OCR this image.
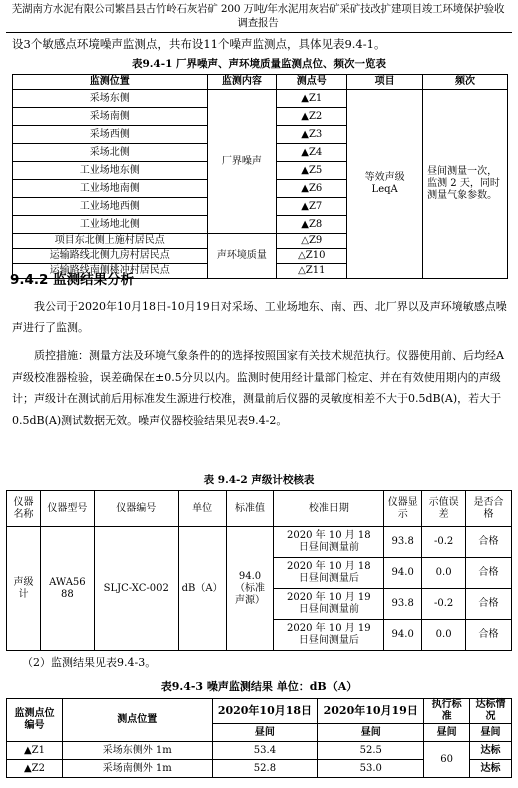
芜湖南方水泥有限公司繁昌县古竹岭石灰岩矿 200 万吨/年水泥用灰岩矿采矿技改扩建项目竣工环境保护验收调查报告
设3个敏感点环境噪声监测点，共布设11个噪声监测点，具体见表9.4-1。
表9.4-1 厂界噪声、声环境质量监测点位、频次一览表
监测位置	监测内容	测点号	项目	频次
采场东侧	厂界噪声	▲Z1	等效声级 LeqA	昼间测量一次，监测 2 天，同时测量气象参数。
采场南侧		▲Z2		
采场西侧		▲Z3		
采场北侧		▲Z4		
工业场地东侧		▲Z5		
工业场地南侧		▲Z6		
工业场地西侧		▲Z7		
工业场地北侧		▲Z8		
项目东北侧上施村居民点	声环境质量	△Z9		
运输路线北侧九房村居民点		△Z10		
运输路线南侧桃冲村居民点		△Z11		
9.4.2 监测结果分析
我公司于2020年10月18日-10月19日对采场、工业场地东、南、西、北厂界以及声环境敏感点噪声进行了监测。
质控措施：测量方法及环境气象条件的的选择按照国家有关技术规范执行。仪器使用前、后均经A声级校准器检验，误差确保在±0.5分贝以内。监测时使用经计量部门检定、并在有效使用期内的声级计；声级计在测试前后用标准发生源进行校准，测量前后仪器的灵敏度相差不大于0.5dB(A)，若大于0.5dB(A)测试数据无效。噪声仪器校验结果见表9.4-2。
表 9.4-2 声级计校核表
仪器名称	仪器型号	仪器编号	单位	标准值	校准日期	仪器显示	示值误差	是否合格
声级计	AWA5688	SLJC-XC-002	dB（A）	94.0（标准声源）	2020 年 10 月 18 日昼间测量前	93.8	-0.2	合格
					2020 年 10 月 18 日昼间测量后	94.0	0.0	合格
					2020 年 10 月 19 日昼间测量前	93.8	-0.2	合格
					2020 年 10 月 19 日昼间测量后	94.0	0.0	合格
（2）监测结果见表9.4-3。
表9.4-3 噪声监测结果 单位：dB（A）
监测点位编号	测点位置	2020年10月18日	2020年10月19日	执行标准	达标情况
		昼间	昼间	昼间	昼间
▲Z1	采场东侧外 1m	53.4	52.5	60	达标
▲Z2	采场南侧外 1m	52.8	53.0		达标
